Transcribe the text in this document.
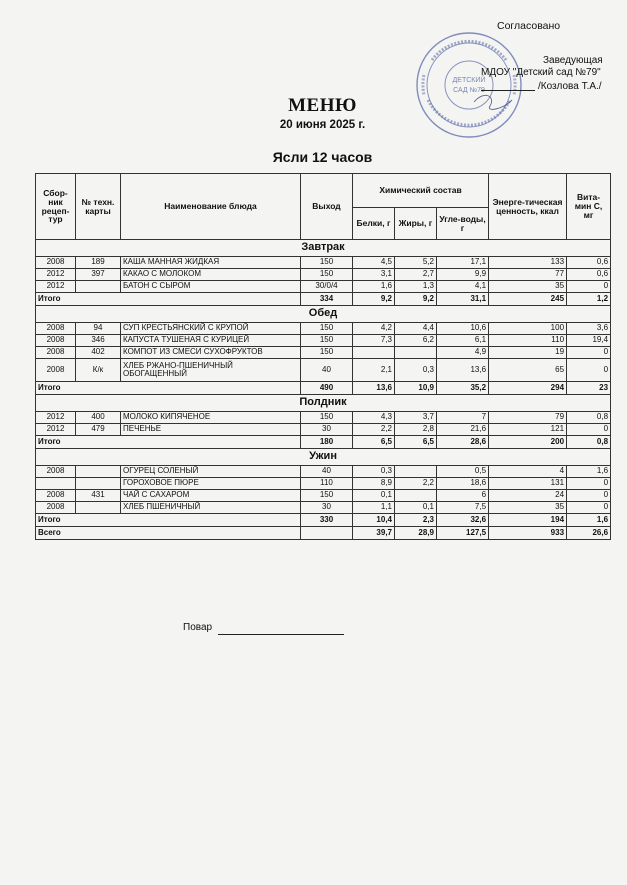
Согласовано
ДЕТСКИЙ
САД №79
Заведующая
МДОУ "Детский сад №79"
/Козлова Т.А./
МЕНЮ
20 июня 2025 г.
Ясли 12 часов
Сбор-ник рецеп-тур	№ техн. карты	Наименование блюда	Выход	Химический состав			Энерге-тическая ценность, ккал	Вита-мин С, мг
				Белки, г	Жиры, г	Угле-воды, г		
Завтрак								
2008	189	КАША МАННАЯ ЖИДКАЯ	150	4,5	5,2	17,1	133	0,6
2012	397	КАКАО С МОЛОКОМ	150	3,1	2,7	9,9	77	0,6
2012		БАТОН С СЫРОМ	30/0/4	1,6	1,3	4,1	35	0
Итого			334	9,2	9,2	31,1	245	1,2
Обед								
2008	94	СУП КРЕСТЬЯНСКИЙ С КРУПОЙ	150	4,2	4,4	10,6	100	3,6
2008	346	КАПУСТА ТУШЕНАЯ С КУРИЦЕЙ	150	7,3	6,2	6,1	110	19,4
2008	402	КОМПОТ ИЗ СМЕСИ СУХОФРУКТОВ	150			4,9	19	0
2008	К/к	ХЛЕБ РЖАНО-ПШЕНИЧНЫЙ ОБОГАЩЕННЫЙ	40	2,1	0,3	13,6	65	0
Итого			490	13,6	10,9	35,2	294	23
Полдник								
2012	400	МОЛОКО КИПЯЧЕНОЕ	150	4,3	3,7	7	79	0,8
2012	479	ПЕЧЕНЬЕ	30	2,2	2,8	21,6	121	0
Итого			180	6,5	6,5	28,6	200	0,8
Ужин								
2008		ОГУРЕЦ СОЛЕНЫЙ	40	0,3		0,5	4	1,6
		ГОРОХОВОЕ ПЮРЕ	110	8,9	2,2	18,6	131	0
2008	431	ЧАЙ С САХАРОМ	150	0,1		6	24	0
2008		ХЛЕБ ПШЕНИЧНЫЙ	30	1,1	0,1	7,5	35	0
Итого			330	10,4	2,3	32,6	194	1,6
Всего				39,7	28,9	127,5	933	26,6
Повар
